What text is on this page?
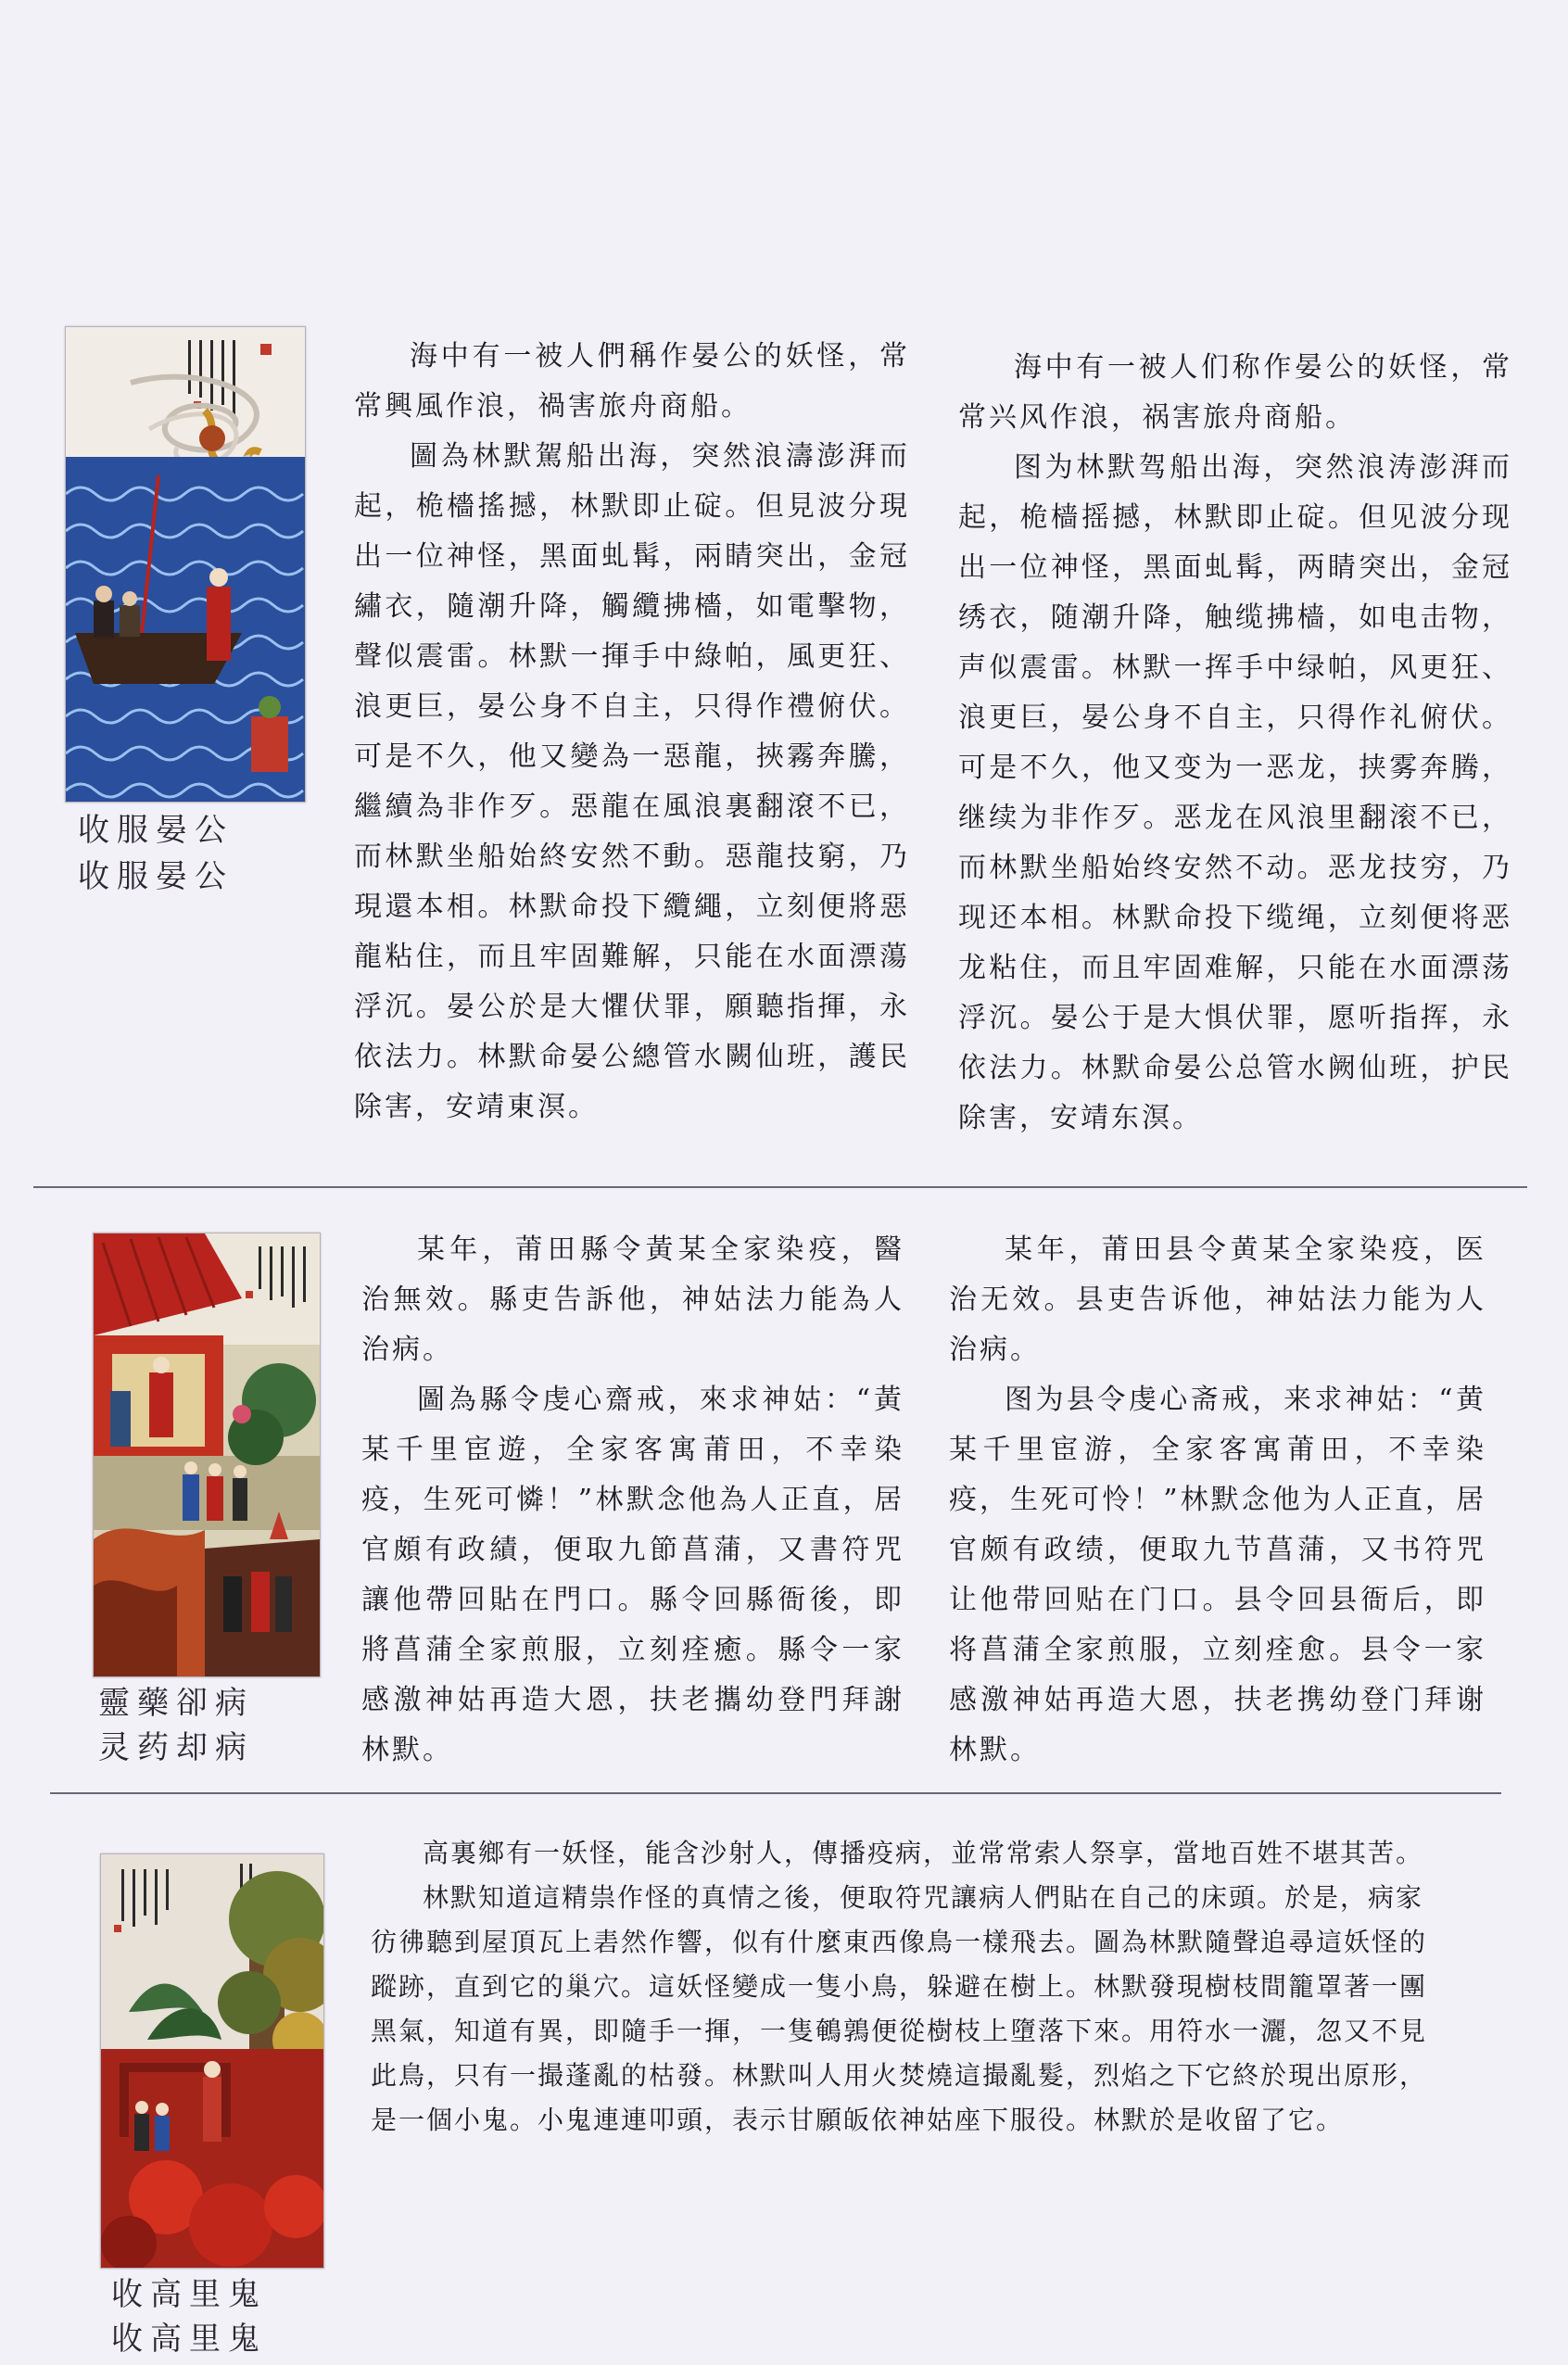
收服晏公
收服晏公

海中有一被人們稱作晏公的妖怪，常常興風作浪，禍害旅舟商船。

圖為林默駕船出海，突然浪濤澎湃而起，桅檣搖撼，林默即止碇。但見波分現出一位神怪，黑面虬髯，兩睛突出，金冠繡衣，隨潮升降，觸纜拂檣，如電擊物，聲似震雷。林默一揮手中綠帕，風更狂、浪更巨，晏公身不自主，只得作禮俯伏。可是不久，他又變為一惡龍，挾霧奔騰，繼續為非作歹。惡龍在風浪裏翻滾不已，而林默坐船始終安然不動。惡龍技窮，乃現還本相。林默命投下纜繩，立刻便將惡龍粘住，而且牢固難解，只能在水面漂蕩浮沉。晏公於是大懼伏罪，願聽指揮，永依法力。林默命晏公總管水闕仙班，護民除害，安靖東溟。

海中有一被人们称作晏公的妖怪，常常兴风作浪，祸害旅舟商船。

图为林默驾船出海，突然浪涛澎湃而起，桅樯摇撼，林默即止碇。但见波分现出一位神怪，黑面虬髯，两睛突出，金冠绣衣，随潮升降，触缆拂樯，如电击物，声似震雷。林默一挥手中绿帕，风更狂、浪更巨，晏公身不自主，只得作礼俯伏。可是不久，他又变为一恶龙，挟雾奔腾，继续为非作歹。恶龙在风浪里翻滚不已，而林默坐船始终安然不动。恶龙技穷，乃现还本相。林默命投下缆绳，立刻便将恶龙粘住，而且牢固难解，只能在水面漂荡浮沉。晏公于是大惧伏罪，愿听指挥，永依法力。林默命晏公总管水阙仙班，护民除害，安靖东溟。

靈藥卻病
灵药却病

某年，莆田縣令黃某全家染疫，醫治無效。縣吏告訴他，神姑法力能為人治病。

圖為縣令虔心齋戒，來求神姑：“黃某千里宦遊，全家客寓莆田，不幸染疫，生死可憐！”林默念他為人正直，居官頗有政績，便取九節菖蒲，又書符咒讓他帶回貼在門口。縣令回縣衙後，即將菖蒲全家煎服，立刻痊癒。縣令一家感激神姑再造大恩，扶老攜幼登門拜謝林默。

某年，莆田县令黄某全家染疫，医治无效。县吏告诉他，神姑法力能为人治病。

图为县令虔心斋戒，来求神姑：“黄某千里宦游，全家客寓莆田，不幸染疫，生死可怜！”林默念他为人正直，居官颇有政绩，便取九节菖蒲，又书符咒让他带回贴在门口。县令回县衙后，即将菖蒲全家煎服，立刻痊愈。县令一家感激神姑再造大恩，扶老携幼登门拜谢林默。

收高里鬼
收高里鬼

高裏鄉有一妖怪，能含沙射人，傳播疫病，並常常索人祭享，當地百姓不堪其苦。

林默知道這精祟作怪的真情之後，便取符咒讓病人們貼在自己的床頭。於是，病家

彷彿聽到屋頂瓦上砉然作響，似有什麼東西像鳥一樣飛去。圖為林默隨聲追尋這妖怪的

蹤跡，直到它的巢穴。這妖怪變成一隻小鳥，躲避在樹上。林默發現樹枝間籠罩著一團

黑氣，知道有異，即隨手一揮，一隻鵪鶉便從樹枝上墮落下來。用符水一灑，忽又不見

此鳥，只有一撮蓬亂的枯發。林默叫人用火焚燒這撮亂髮，烈焰之下它終於現出原形，

是一個小鬼。小鬼連連叩頭，表示甘願皈依神姑座下服役。林默於是收留了它。
